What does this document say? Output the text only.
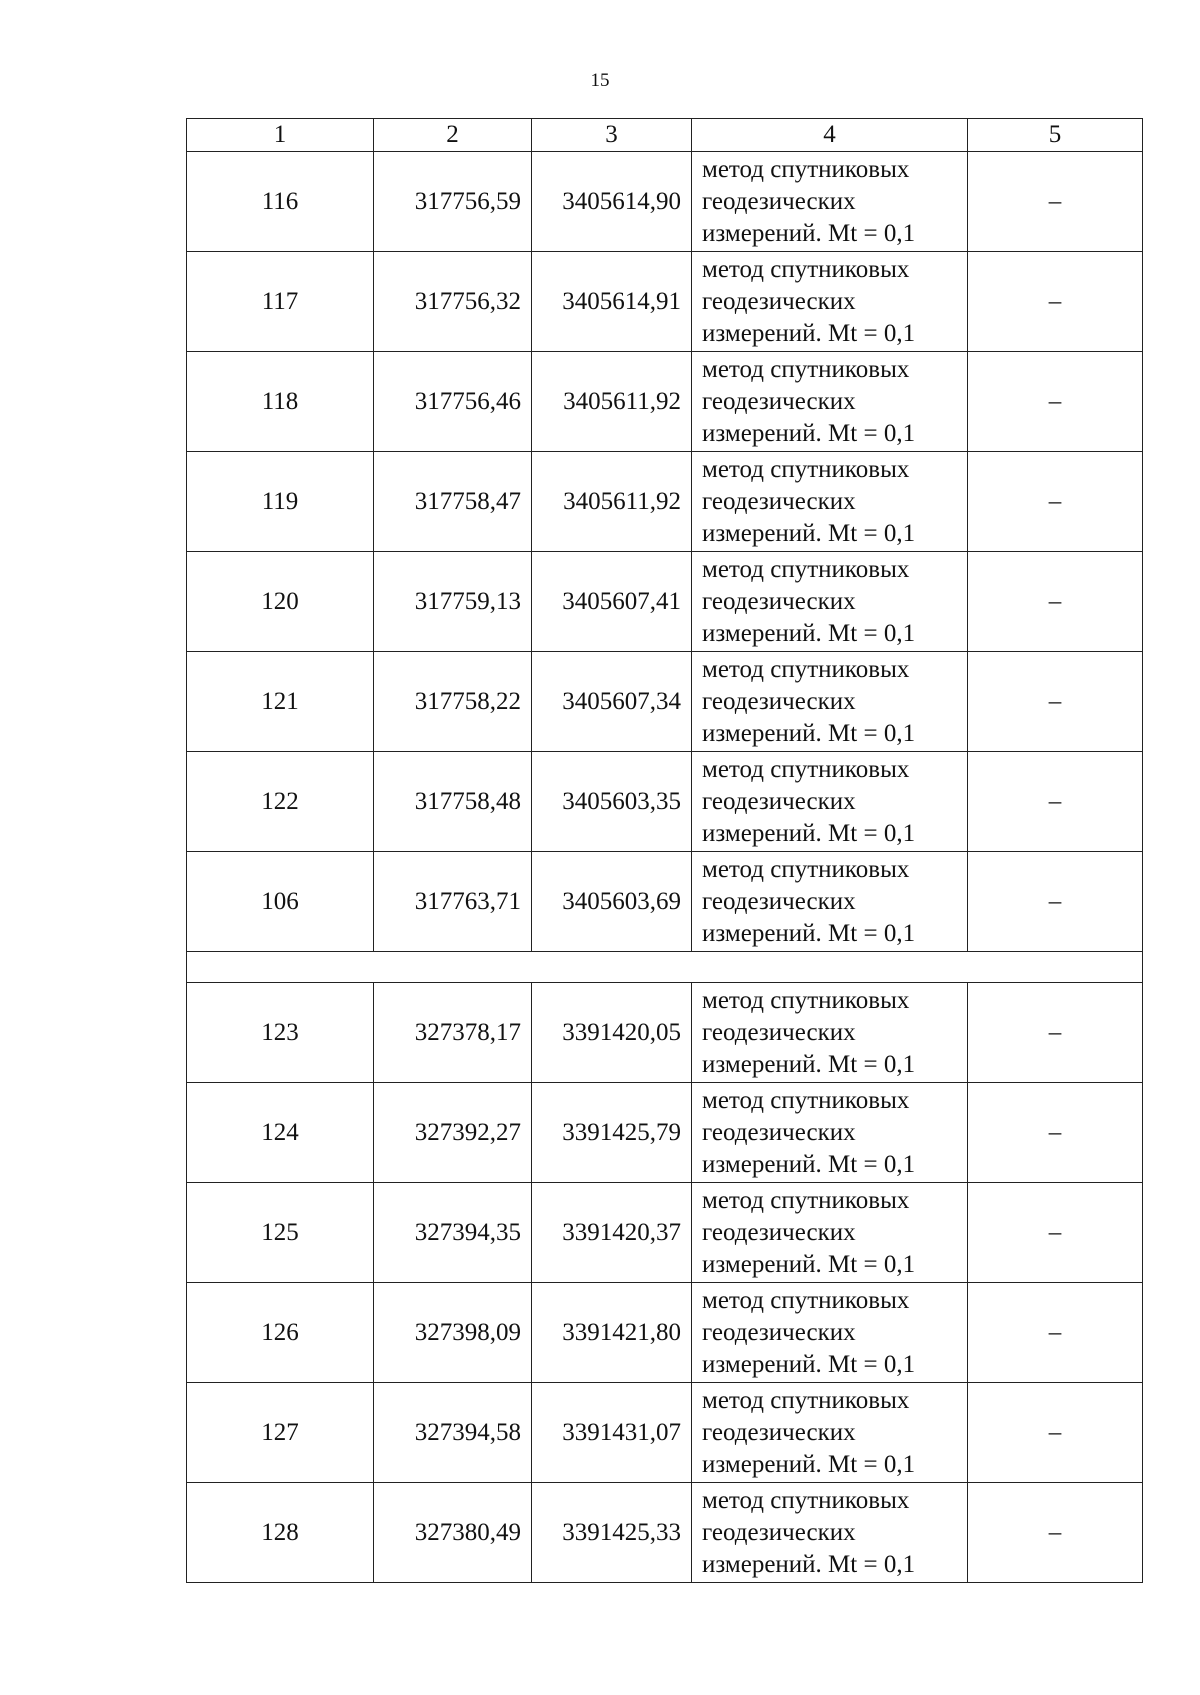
15
1	2	3	4	5
116	317756,59	3405614,90	метод спутниковых
геодезических
измерений. Mt = 0,1	–
117	317756,32	3405614,91	метод спутниковых
геодезических
измерений. Mt = 0,1	–
118	317756,46	3405611,92	метод спутниковых
геодезических
измерений. Mt = 0,1	–
119	317758,47	3405611,92	метод спутниковых
геодезических
измерений. Mt = 0,1	–
120	317759,13	3405607,41	метод спутниковых
геодезических
измерений. Mt = 0,1	–
121	317758,22	3405607,34	метод спутниковых
геодезических
измерений. Mt = 0,1	–
122	317758,48	3405603,35	метод спутниковых
геодезических
измерений. Mt = 0,1	–
106	317763,71	3405603,69	метод спутниковых
геодезических
измерений. Mt = 0,1	–

123	327378,17	3391420,05	метод спутниковых
геодезических
измерений. Mt = 0,1	–
124	327392,27	3391425,79	метод спутниковых
геодезических
измерений. Mt = 0,1	–
125	327394,35	3391420,37	метод спутниковых
геодезических
измерений. Mt = 0,1	–
126	327398,09	3391421,80	метод спутниковых
геодезических
измерений. Mt = 0,1	–
127	327394,58	3391431,07	метод спутниковых
геодезических
измерений. Mt = 0,1	–
128	327380,49	3391425,33	метод спутниковых
геодезических
измерений. Mt = 0,1	–
